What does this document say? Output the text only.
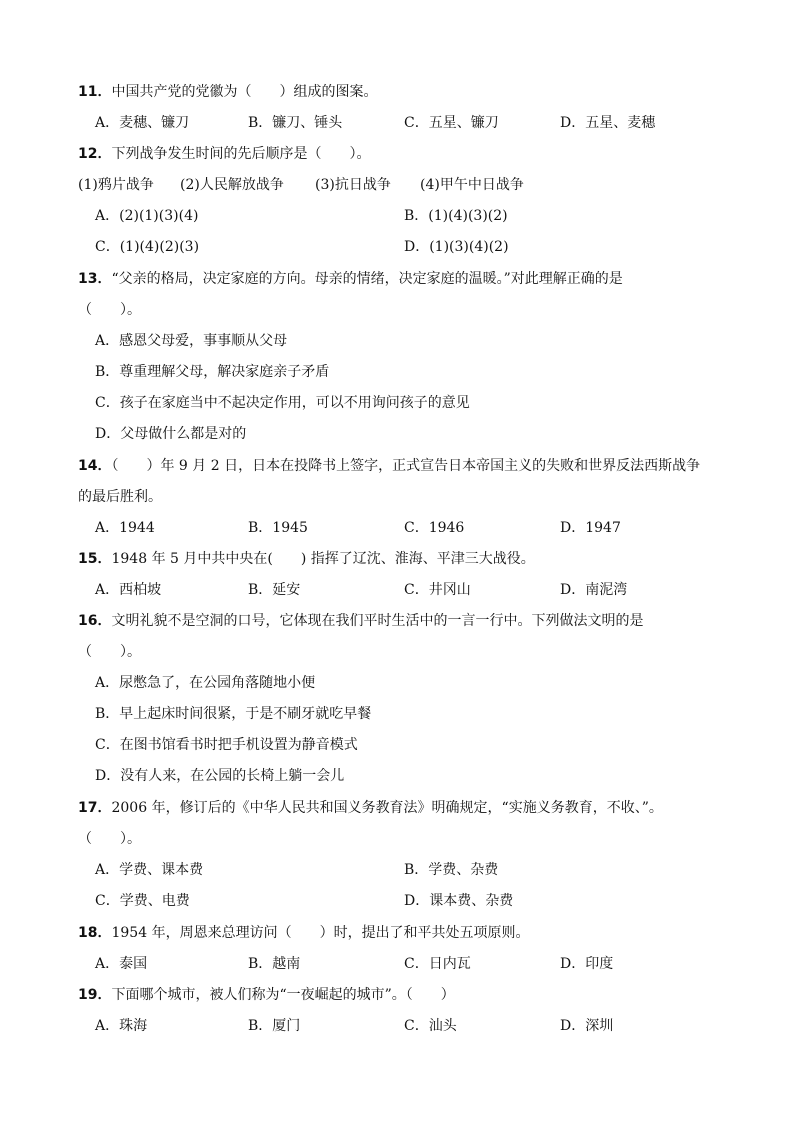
11．中国共产党的党徽为（　　）组成的图案。
A．麦穗、镰刀	B．镰刀、锤头	C．五星、镰刀	D．五星、麦穗
12．下列战争发生时间的先后顺序是（　　）。
(1)鸦片战争 (2)人民解放战争 (3)抗日战争 (4)甲午中日战争
A．(2)(1)(3)(4)	B．(1)(4)(3)(2)
C．(1)(4)(2)(3)	D．(1)(3)(4)(2)
13．“父亲的格局，决定家庭的方向。母亲的情绪，决定家庭的温暖。”对此理解正确的是
（　　）。
A．感恩父母爱，事事顺从父母
B．尊重理解父母，解决家庭亲子矛盾
C．孩子在家庭当中不起决定作用，可以不用询问孩子的意见
D．父母做什么都是对的
14．（　　）年 9 月 2 日，日本在投降书上签字，正式宣告日本帝国主义的失败和世界反法西斯战争
的最后胜利。
A．1944	B．1945	C．1946	D．1947
15．1948 年 5 月中共中央在(　　) 指挥了辽沈、淮海、平津三大战役。
A．西柏坡	B．延安	C．井冈山	D．南泥湾
16．文明礼貌不是空洞的口号，它体现在我们平时生活中的一言一行中。下列做法文明的是
（　　）。
A．尿憋急了，在公园角落随地小便
B．早上起床时间很紧，于是不刷牙就吃早餐
C．在图书馆看书时把手机设置为静音模式
D．没有人来，在公园的长椅上躺一会儿
17．2006 年，修订后的《中华人民共和国义务教育法》明确规定，“实施义务教育，不收、”。
（　　）。
A．学费、课本费	B．学费、杂费
C．学费、电费	D．课本费、杂费
18．1954 年，周恩来总理访问（　　）时，提出了和平共处五项原则。
A．泰国	B．越南	C．日内瓦	D．印度
19．下面哪个城市，被人们称为“一夜崛起的城市”。（　　）
A．珠海	B．厦门	C．汕头	D．深圳
